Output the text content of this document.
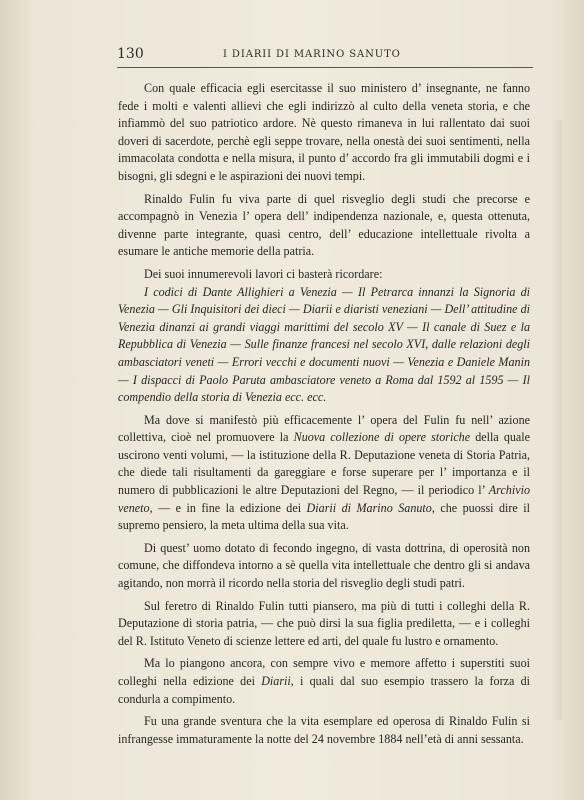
130	I DIARII DI MARINO SANUTO

Con quale efficacia egli esercitasse il suo ministero d’ insegnante, ne fanno fede i molti e valenti allievi che egli indirizzò al culto della veneta storia, e che infiammò del suo patriotico ardore. Nè questo rimaneva in lui rallentato dai suoi doveri di sacerdote, perchè egli seppe trovare, nella onestà dei suoi sentimenti, nella immacolata condotta e nella misura, il punto d’ accordo fra gli immutabili dogmi e i bisogni, gli sdegni e le aspirazioni dei nuovi tempi.

Rinaldo Fulin fu viva parte di quel risveglio degli studi che precorse e accompagnò in Venezia l’ opera dell’ indipendenza nazionale, e, questa ottenuta, divenne parte integrante, quasi centro, dell’ educazione intellettuale rivolta a esumare le antiche memorie della patria.

Dei suoi innumerevoli lavori ci basterà ricordare:

I codici di Dante Allighieri a Venezia — Il Petrarca innanzi la Signoria di Venezia — Gli Inquisitori dei dieci — Diarii e diaristi veneziani — Dell’ attitudine di Venezia dinanzi ai grandi viaggi marittimi del secolo XV — Il canale di Suez e la Repubblica di Venezia — Sulle finanze francesi nel secolo XVI, dalle relazioni degli ambasciatori veneti — Errori vecchi e documenti nuovi — Venezia e Daniele Manin — I dispacci di Paolo Paruta ambasciatore veneto a Roma dal 1592 al 1595 — Il compendio della storia di Venezia ecc. ecc.

Ma dove si manifestò più efficacemente l’ opera del Fulin fu nell’ azione collettiva, cioè nel promuovere la Nuova collezione di opere storiche della quale uscirono venti volumi, — la istituzione della R. Deputazione veneta di Storia Patria, che diede tali risultamenti da gareggiare e forse superare per l’ importanza e il numero di pubblicazioni le altre Deputazioni del Regno, — il periodico l’ Archivio veneto, — e in fine la edizione dei Diarii di Marino Sanuto, che puossi dire il supremo pensiero, la meta ultima della sua vita.

Di quest’ uomo dotato di fecondo ingegno, di vasta dottrina, di operosità non comune, che diffondeva intorno a sè quella vita intellettuale che dentro gli si andava agitando, non morrà il ricordo nella storia del risveglio degli studi patri.

Sul feretro di Rinaldo Fulin tutti piansero, ma più di tutti i colleghi della R. Deputazione di storia patria, — che può dirsi la sua figlia prediletta, — e i colleghi del R. Istituto Veneto di scienze lettere ed arti, del quale fu lustro e ornamento.

Ma lo piangono ancora, con sempre vivo e memore affetto i superstiti suoi colleghi nella edizione dei Diarii, i quali dal suo esempio trassero la forza di condurla a compimento.

Fu una grande sventura che la vita esemplare ed operosa di Rinaldo Fulin si infrangesse immaturamente la notte del 24 novembre 1884 nell’età di anni sessanta.
